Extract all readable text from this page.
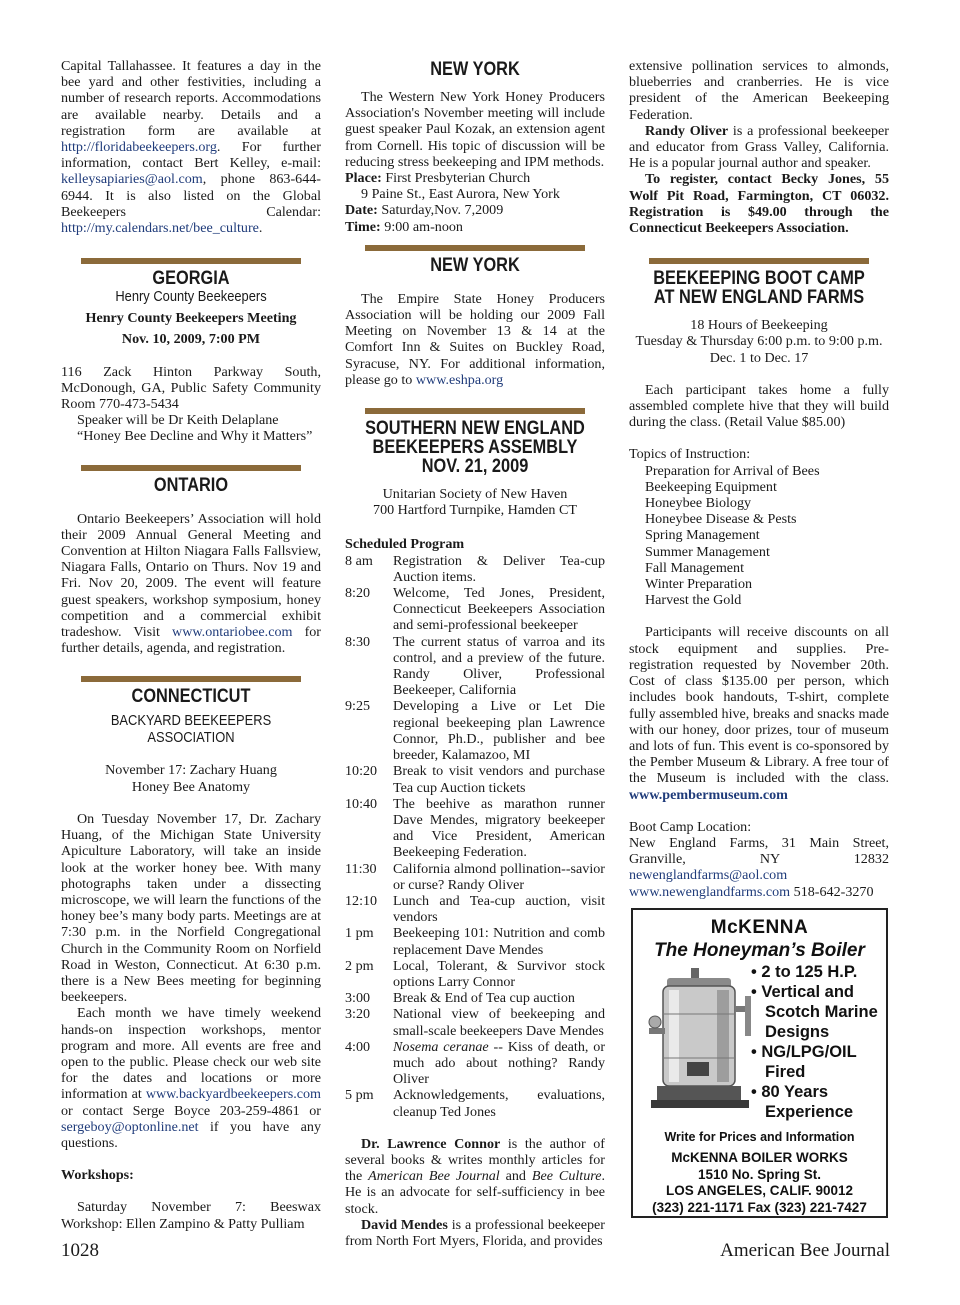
Capital Tallahassee. It features a day in the bee yard and other festivities, including a number of research reports. Accommodations are available nearby. Details and a registration form are available at http://floridabeekeepers.org. For further information, contact Bert Kelley, e-mail: kelleysapiaries@aol.com, phone 863-644-6944. It is also listed on the Global Beekeepers Calendar: http://my.calendars.net/bee_culture.

GEORGIA
Henry County Beekeepers

Henry County Beekeepers Meeting

Nov. 10, 2009, 7:00 PM

116 Zack Hinton Parkway South, McDonough, GA, Public Safety Community Room 770-473-5434

Speaker will be Dr Keith Delaplane

“Honey Bee Decline and Why it Matters”

ONTARIO

Ontario Beekeepers’ Association will hold their 2009 Annual General Meeting and Convention at Hilton Niagara Falls Fallsview, Niagara Falls, Ontario on Thurs. Nov 19 and Fri. Nov 20, 2009. The event will feature guest speakers, workshop symposium, honey competition and a commercial exhibit tradeshow. Visit www.ontariobee.com for further details, agenda, and registration.

CONNECTICUT
BACKYARD BEEKEEPERS ASSOCIATION

November 17: Zachary Huang

Honey Bee Anatomy

On Tuesday November 17, Dr. Zachary Huang, of the Michigan State University Apiculture Laboratory, will take an inside look at the worker honey bee. With many photographs taken under a dissecting microscope, we will learn the functions of the honey bee’s many body parts. Meetings are at 7:30 p.m. in the Norfield Congregational Church in the Community Room on Norfield Road in Weston, Connecticut. At 6:30 p.m. there is a New Bees meeting for beginning beekeepers.

Each month we have timely weekend hands-on inspection workshops, mentor program and more. All events are free and open to the public. Please check our web site for the dates and locations or more information at www.backyardbeekeepers.com or contact Serge Boyce 203-259-4861 or sergeboy@optonline.net if you have any questions.

Workshops:

Saturday November 7: Beeswax Workshop: Ellen Zampino & Patty Pulliam

NEW YORK

The Western New York Honey Producers Association's November meeting will include guest speaker Paul Kozak, an extension agent from Cornell. His topic of discussion will be reducing stress beekeeping and IPM methods.

Place: First Presbyterian Church

9 Paine St., East Aurora, New York

Date: Saturday,Nov. 7,2009

Time: 9:00 am-noon

NEW YORK

The Empire State Honey Producers Association will be holding our 2009 Fall Meeting on November 13 & 14 at the Comfort Inn & Suites on Buckley Road, Syracuse, NY. For additional information, please go to www.eshpa.org

SOUTHERN NEW ENGLAND
BEEKEEPERS ASSEMBLY
NOV. 21, 2009

Unitarian Society of New Haven

700 Hartford Turnpike, Hamden CT

Scheduled Program

8 am	Registration & Deliver Tea-cup Auction items.
8:20	Welcome, Ted Jones, President, Connecticut Beekeepers Association and semi-professional beekeeper
8:30	The current status of varroa and its control, and a preview of the future. Randy Oliver, Professional Beekeeper, California
9:25	Developing a Live or Let Die regional beekeeping plan Lawrence Connor, Ph.D., publisher and bee breeder, Kalamazoo, MI
10:20	Break to visit vendors and purchase Tea cup Auction tickets
10:40	The beehive as marathon runner Dave Mendes, migratory beekeeper and Vice President, American Beekeeping Federation.
11:30	California almond pollination--savior or curse? Randy Oliver
12:10	Lunch and Tea-cup auction, visit vendors
1 pm	Beekeeping 101: Nutrition and comb replacement Dave Mendes
2 pm	Local, Tolerant, & Survivor stock options Larry Connor
3:00	Break & End of Tea cup auction
3:20	National view of beekeeping and small-scale beekeepers Dave Mendes
4:00	Nosema ceranae -- Kiss of death, or much ado about nothing? Randy Oliver
5 pm	Acknowledgements, evaluations, cleanup Ted Jones

Dr. Lawrence Connor is the author of several books & writes monthly articles for the American Bee Journal and Bee Culture. He is an advocate for self-sufficiency in bee stock.

David Mendes is a professional beekeeper from North Fort Myers, Florida, and provides

extensive pollination services to almonds, blueberries and cranberries. He is vice president of the American Beekeeping Federation.

Randy Oliver is a professional beekeeper and educator from Grass Valley, California. He is a popular journal author and speaker.

To register, contact Becky Jones, 55 Wolf Pit Road, Farmington, CT 06032. Registration is $49.00 through the Connecticut Beekeepers Association.

BEEKEEPING BOOT CAMP
AT NEW ENGLAND FARMS

18 Hours of Beekeeping

Tuesday & Thursday 6:00 p.m. to 9:00 p.m.

Dec. 1 to Dec. 17

Each participant takes home a fully assembled complete hive that they will build during the class. (Retail Value $85.00)

Topics of Instruction:

Preparation for Arrival of Bees
Beekeeping Equipment
Honeybee Biology
Honeybee Disease & Pests
Spring Management
Summer Management
Fall Management
Winter Preparation
Harvest the Gold

Participants will receive discounts on all stock equipment and supplies. Pre-registration requested by November 20th. Cost of class $135.00 per person, which includes book handouts, T-shirt, complete fully assembled hive, breaks and snacks made with our honey, door prizes, tour of museum and lots of fun. This event is co-sponsored by the Pember Museum & Library. A free tour of the Museum is included with the class. www.pembermuseum.com

Boot Camp Location:

New England Farms, 31 Main Street, Granville, NY 12832 newenglandfarms@aol.com www.newenglandfarms.com 518-642-3270

McKENNA
The Honeyman’s Boiler
• 2 to 125 H.P.
• Vertical and Scotch Marine Designs
• NG/LPG/OIL Fired
• 80 Years Experience
Write for Prices and Information
McKENNA BOILER WORKS
1510 No. Spring St.
LOS ANGELES, CALIF. 90012
(323) 221-1171 Fax (323) 221-7427
1028	American Bee Journal
